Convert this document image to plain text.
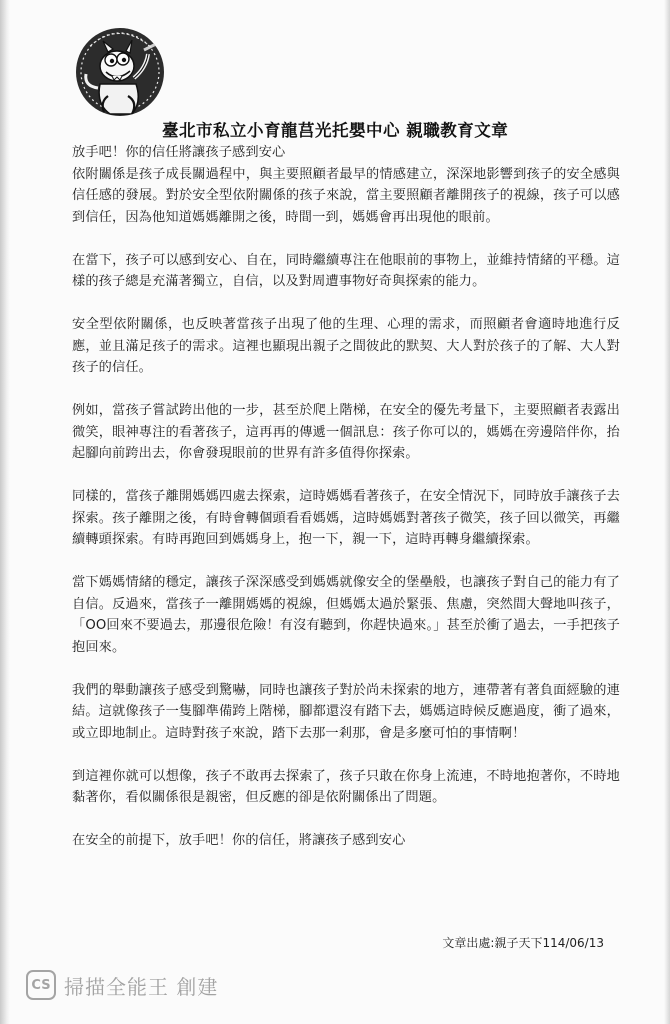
臺北市私立小育龍莒光托嬰中心 親職教育文章

放手吧！你的信任將讓孩子感到安心

依附關係是孩子成長關過程中，與主要照顧者最早的情感建立，深深地影響到孩子的安全感與信任感的發展。對於安全型依附關係的孩子來說，當主要照顧者離開孩子的視線，孩子可以感到信任，因為他知道媽媽離開之後，時間一到，媽媽會再出現他的眼前。

在當下，孩子可以感到安心、自在，同時繼續專注在他眼前的事物上，並維持情緒的平穩。這樣的孩子總是充滿著獨立，自信，以及對周遭事物好奇與探索的能力。

安全型依附關係，也反映著當孩子出現了他的生理、心理的需求，而照顧者會適時地進行反應，並且滿足孩子的需求。這裡也顯現出親子之間彼此的默契、大人對於孩子的了解、大人對孩子的信任。

例如，當孩子嘗試跨出他的一步，甚至於爬上階梯，在安全的優先考量下，主要照顧者表露出微笑，眼神專注的看著孩子，這再再的傳遞一個訊息：孩子你可以的，媽媽在旁邊陪伴你，抬起腳向前跨出去，你會發現眼前的世界有許多值得你探索。

同樣的，當孩子離開媽媽四處去探索，這時媽媽看著孩子，在安全情況下，同時放手讓孩子去探索。孩子離開之後，有時會轉個頭看看媽媽，這時媽媽對著孩子微笑，孩子回以微笑，再繼續轉頭探索。有時再跑回到媽媽身上，抱一下，親一下，這時再轉身繼續探索。

當下媽媽情緒的穩定，讓孩子深深感受到媽媽就像安全的堡壘般，也讓孩子對自己的能力有了自信。反過來，當孩子一離開媽媽的視線，但媽媽太過於緊張、焦慮，突然間大聲地叫孩子，「OO回來不要過去，那邊很危險！有沒有聽到，你趕快過來。」甚至於衝了過去，一手把孩子抱回來。

我們的舉動讓孩子感受到驚嚇，同時也讓孩子對於尚未探索的地方，連帶著有著負面經驗的連結。這就像孩子一隻腳準備跨上階梯，腳都還沒有踏下去，媽媽這時候反應過度，衝了過來，或立即地制止。這時對孩子來說，踏下去那一剎那，會是多麼可怕的事情啊！

到這裡你就可以想像，孩子不敢再去探索了，孩子只敢在你身上流連，不時地抱著你，不時地黏著你，看似關係很是親密，但反應的卻是依附關係出了問題。

在安全的前提下，放手吧！你的信任，將讓孩子感到安心

文章出處:親子天下114/06/13
CS 掃描全能王 創建
